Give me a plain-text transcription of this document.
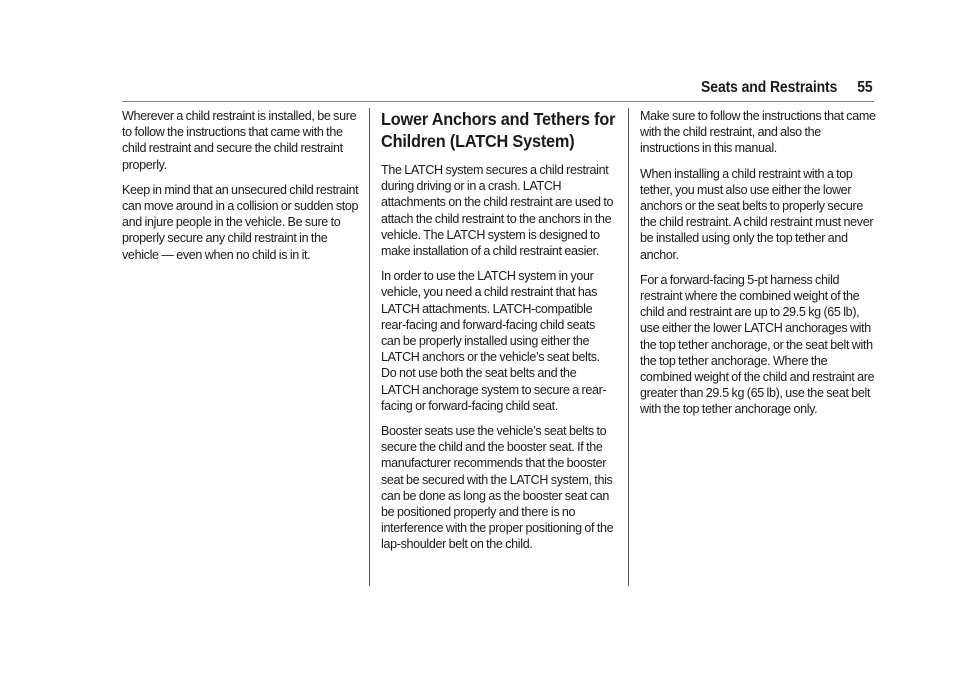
Seats and Restraints 55

Wherever a child restraint is installed, be sure to follow the instructions that came with the child restraint and secure the child restraint properly.

Keep in mind that an unsecured child restraint can move around in a collision or sudden stop and injure people in the vehicle. Be sure to properly secure any child restraint in the vehicle — even when no child is in it.

Lower Anchors and Tethers for Children (LATCH System)

The LATCH system secures a child restraint during driving or in a crash. LATCH attachments on the child restraint are used to attach the child restraint to the anchors in the vehicle. The LATCH system is designed to make installation of a child restraint easier.

In order to use the LATCH system in your vehicle, you need a child restraint that has LATCH attachments. LATCH-compatible rear-facing and forward-facing child seats can be properly installed using either the LATCH anchors or the vehicle’s seat belts. Do not use both the seat belts and the LATCH anchorage system to secure a rear-facing or forward-facing child seat.

Booster seats use the vehicle’s seat belts to secure the child and the booster seat. If the manufacturer recommends that the booster seat be secured with the LATCH system, this can be done as long as the booster seat can be positioned properly and there is no interference with the proper positioning of the lap-shoulder belt on the child.

Make sure to follow the instructions that came with the child restraint, and also the instructions in this manual.

When installing a child restraint with a top tether, you must also use either the lower anchors or the seat belts to properly secure the child restraint. A child restraint must never be installed using only the top tether and anchor.

For a forward-facing 5-pt harness child restraint where the combined weight of the child and restraint are up to 29.5 kg (65 lb), use either the lower LATCH anchorages with the top tether anchorage, or the seat belt with the top tether anchorage. Where the combined weight of the child and restraint are greater than 29.5 kg (65 lb), use the seat belt with the top tether anchorage only.
